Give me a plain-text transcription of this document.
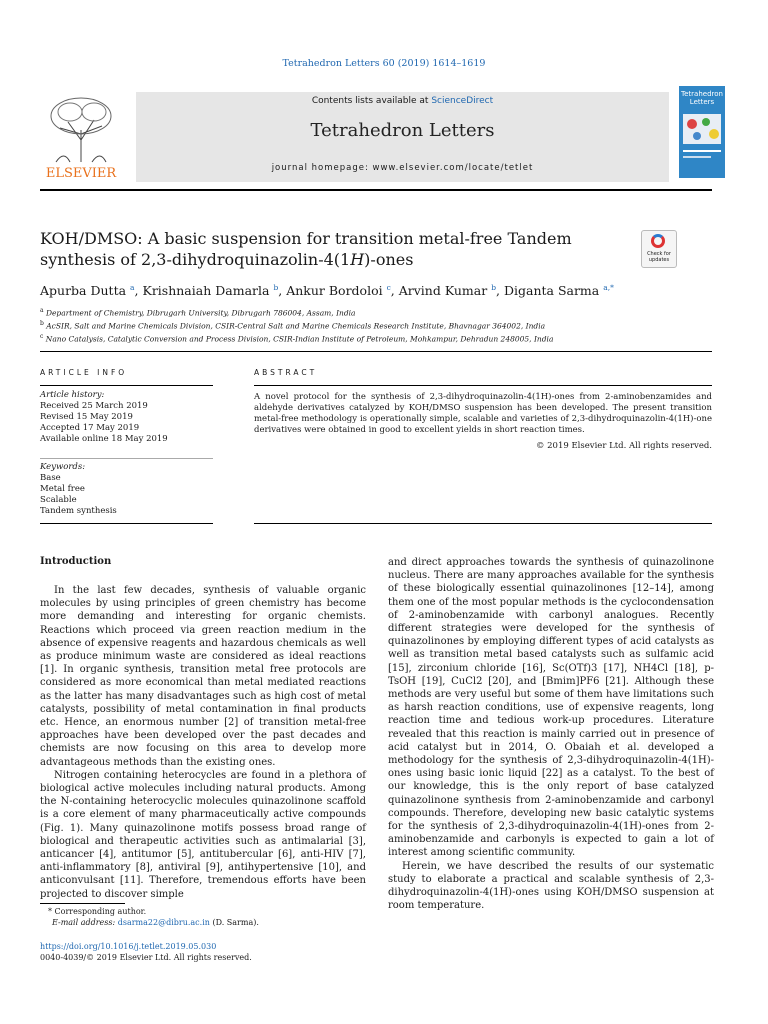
Tetrahedron Letters 60 (2019) 1614–1619
ELSEVIER
Contents lists available at ScienceDirect
Tetrahedron Letters
journal homepage: www.elsevier.com/locate/tetlet
Tetrahedron Letters
KOH/DMSO: A basic suspension for transition metal-free Tandem synthesis of 2,3-dihydroquinazolin-4(1H)-ones	Check for updates
Apurba Dutta $^a$, Krishnaiah Damarla $^b$, Ankur Bordoloi $^c$, Arvind Kumar $^b$, Diganta Sarma $^{a,*}$
$^a$ Department of Chemistry, Dibrugarh University, Dibrugarh 786004, Assam, India
$^b$ AcSIR, Salt and Marine Chemicals Division, CSIR-Central Salt and Marine Chemicals Research Institute, Bhavnagar 364002, India
$^c$ Nano Catalysis, Catalytic Conversion and Process Division, CSIR-Indian Institute of Petroleum, Mohkampur, Dehradun 248005, India
ARTICLE INFO	ABSTRACT
Article history:
Received 25 March 2019
Revised 15 May 2019
Accepted 17 May 2019
Available online 18 May 2019
Keywords:
Base
Metal free
Scalable
Tandem synthesis
A novel protocol for the synthesis of 2,3-dihydroquinazolin-4(1H)-ones from 2-aminobenzamides and aldehyde derivatives catalyzed by KOH/DMSO suspension has been developed. The present transition metal-free methodology is operationally simple, scalable and varieties of 2,3-dihydroquinazolin-4(1H)-one derivatives were obtained in good to excellent yields in short reaction times.
© 2019 Elsevier Ltd. All rights reserved.
Introduction

In the last few decades, synthesis of valuable organic molecules by using principles of green chemistry has become more demanding and interesting for organic chemists. Reactions which proceed via green reaction medium in the absence of expensive reagents and hazardous chemicals as well as produce minimum waste are considered as ideal reactions [1]. In organic synthesis, transition metal free protocols are considered as more economical than metal mediated reactions as the latter has many disadvantages such as high cost of metal catalysts, possibility of metal contamination in final products etc. Hence, an enormous number [2] of transition metal-free approaches have been developed over the past decades and chemists are now focusing on this area to develop more advantageous methods than the existing ones.

Nitrogen containing heterocycles are found in a plethora of biological active molecules including natural products. Among the N-containing heterocyclic molecules quinazolinone scaffold is a core element of many pharmaceutically active compounds (Fig. 1). Many quinazolinone motifs possess broad range of biological and therapeutic activities such as antimalarial [3], anticancer [4], antitumor [5], antitubercular [6], anti-HIV [7], anti-inflammatory [8], antiviral [9], antihypertensive [10], and anticonvulsant [11]. Therefore, tremendous efforts have been projected to discover simple

and direct approaches towards the synthesis of quinazolinone nucleus. There are many approaches available for the synthesis of these biologically essential quinazolinones [12–14], among them one of the most popular methods is the cyclocondensation of 2-aminobenzamide with carbonyl analogues. Recently different strategies were developed for the synthesis of quinazolinones by employing different types of acid catalysts as well as transition metal based catalysts such as sulfamic acid [15], zirconium chloride [16], Sc(OTf)3 [17], NH4Cl [18], p-TsOH [19], CuCl2 [20], and [Bmim]PF6 [21]. Although these methods are very useful but some of them have limitations such as harsh reaction conditions, use of expensive reagents, long reaction time and tedious work-up procedures. Literature revealed that this reaction is mainly carried out in presence of acid catalyst but in 2014, O. Obaiah et al. developed a methodology for the synthesis of 2,3-dihydroquinazolin-4(1H)-ones using basic ionic liquid [22] as a catalyst. To the best of our knowledge, this is the only report of base catalyzed quinazolinone synthesis from 2-aminobenzamide and carbonyl compounds. Therefore, developing new basic catalytic systems for the synthesis of 2,3-dihydroquinazolin-4(1H)-ones from 2-aminobenzamide and carbonyls is expected to gain a lot of interest among scientific community.

Herein, we have described the results of our systematic study to elaborate a practical and scalable synthesis of 2,3-dihydroquinazolin-4(1H)-ones using KOH/DMSO suspension at room temperature.

* Corresponding author.
E-mail address: dsarma22@dibru.ac.in (D. Sarma).
https://doi.org/10.1016/j.tetlet.2019.05.030
0040-4039/© 2019 Elsevier Ltd. All rights reserved.
